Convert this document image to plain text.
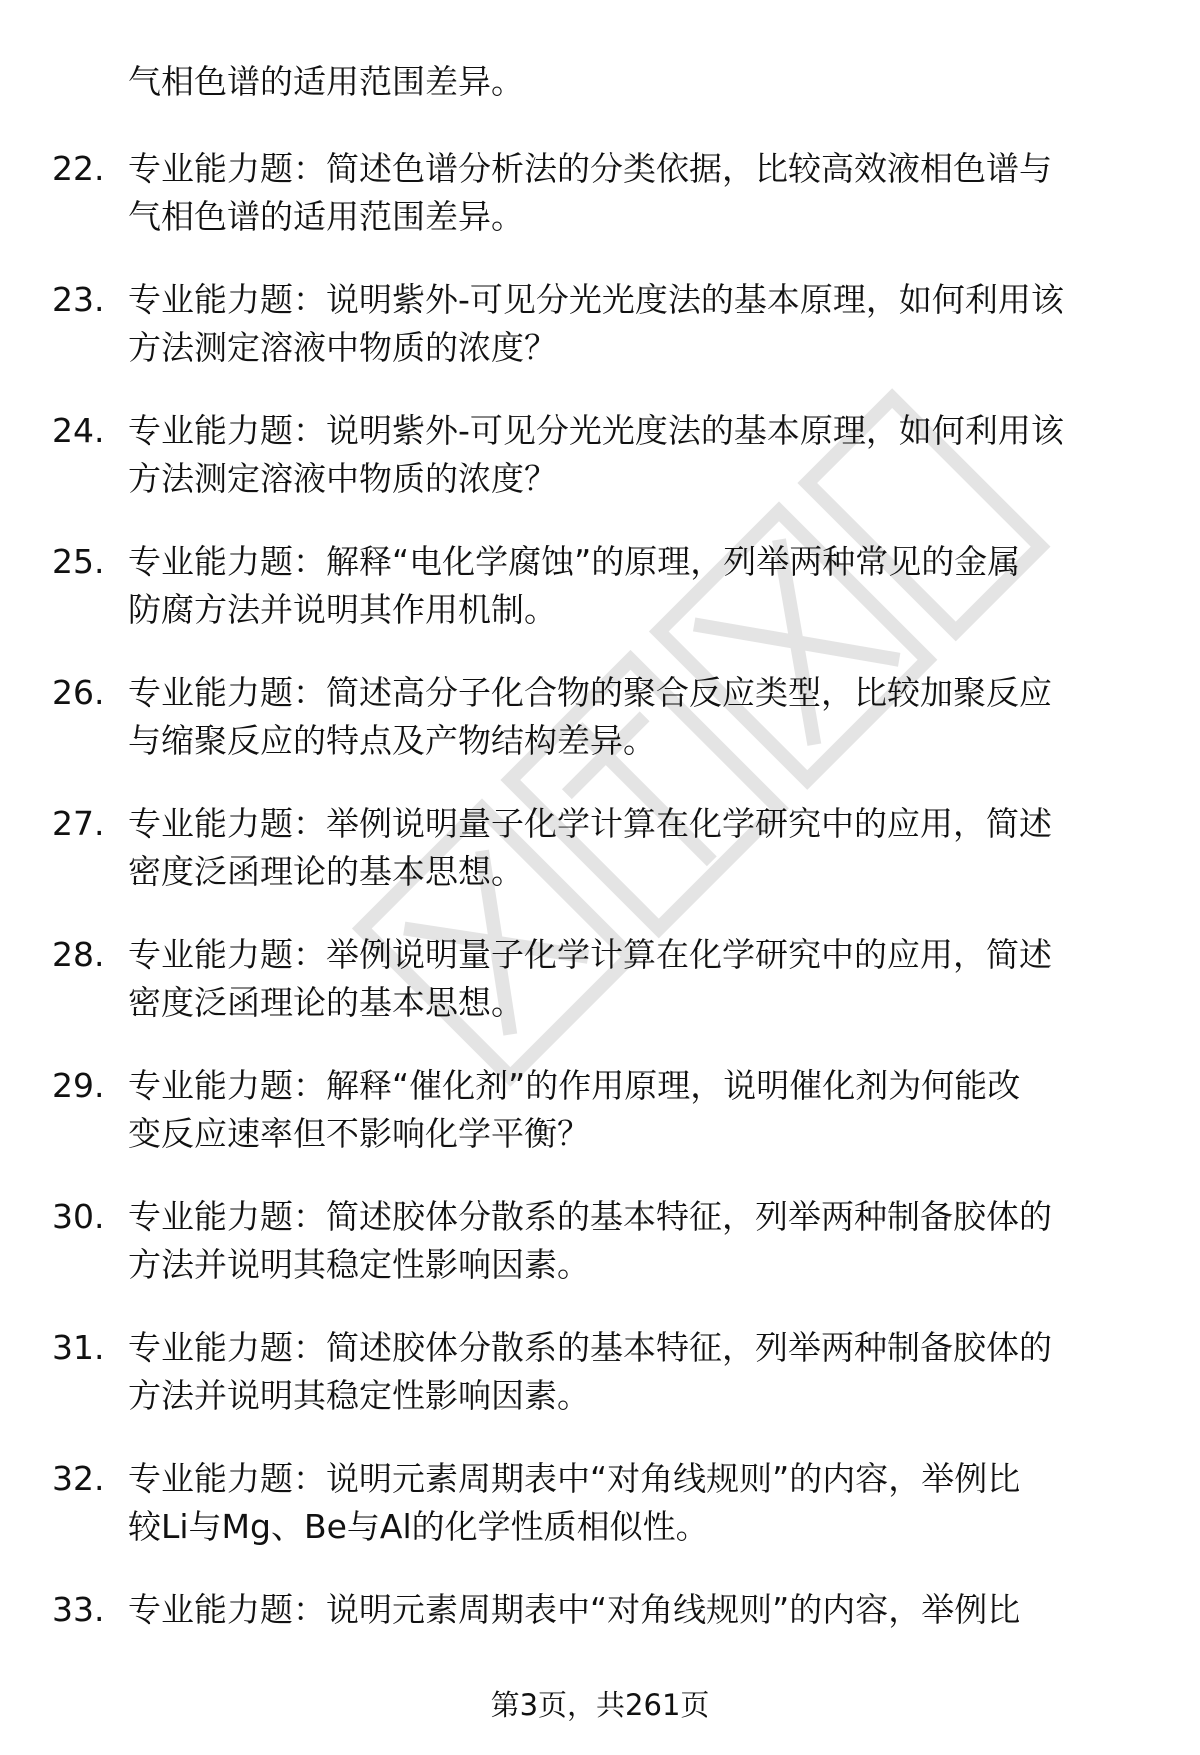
气相色谱的适用范围差异。
22. 专业能力题：简述色谱分析法的分类依据，比较高效液相色谱与
气相色谱的适用范围差异。
23. 专业能力题：说明紫外-可见分光光度法的基本原理，如何利用该
方法测定溶液中物质的浓度？
24. 专业能力题：说明紫外-可见分光光度法的基本原理，如何利用该
方法测定溶液中物质的浓度？
25. 专业能力题：解释“电化学腐蚀”的原理，列举两种常见的金属
防腐方法并说明其作用机制。
26. 专业能力题：简述高分子化合物的聚合反应类型，比较加聚反应
与缩聚反应的特点及产物结构差异。
27. 专业能力题：举例说明量子化学计算在化学研究中的应用，简述
密度泛函理论的基本思想。
28. 专业能力题：举例说明量子化学计算在化学研究中的应用，简述
密度泛函理论的基本思想。
29. 专业能力题：解释“催化剂”的作用原理，说明催化剂为何能改
变反应速率但不影响化学平衡？
30. 专业能力题：简述胶体分散系的基本特征，列举两种制备胶体的
方法并说明其稳定性影响因素。
31. 专业能力题：简述胶体分散系的基本特征，列举两种制备胶体的
方法并说明其稳定性影响因素。
32. 专业能力题：说明元素周期表中“对角线规则”的内容，举例比
较Li与Mg、Be与Al的化学性质相似性。
33. 专业能力题：说明元素周期表中“对角线规则”的内容，举例比
第3页，共261页
